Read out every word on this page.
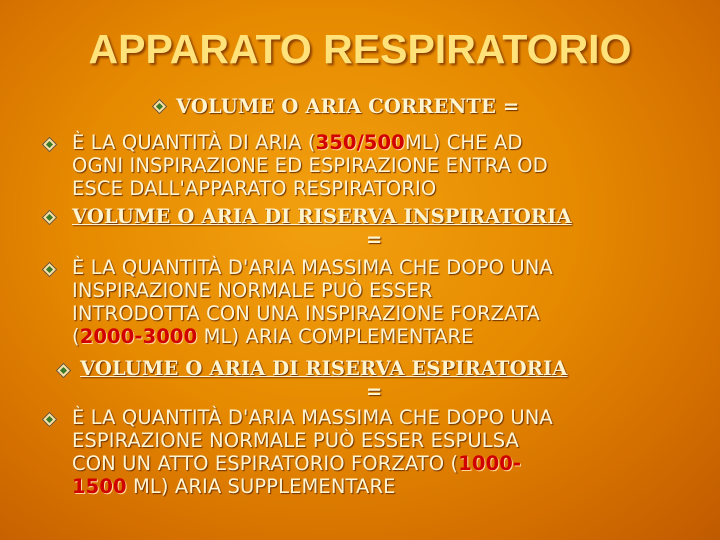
APPARATO RESPIRATORIO
VOLUME O ARIA CORRENTE =
È LA QUANTITÀ DI ARIA (350/500ML) CHE AD
OGNI INSPIRAZIONE ED ESPIRAZIONE ENTRA OD
ESCE DALL'APPARATO RESPIRATORIO
VOLUME O ARIA DI RISERVA INSPIRATORIA
=
È LA QUANTITÀ D'ARIA MASSIMA CHE DOPO UNA
INSPIRAZIONE NORMALE PUÒ ESSER
INTRODOTTA CON UNA INSPIRAZIONE FORZATA
(2000-3000 ML) ARIA COMPLEMENTARE
VOLUME O ARIA DI RISERVA ESPIRATORIA
=
È LA QUANTITÀ D'ARIA MASSIMA CHE DOPO UNA
ESPIRAZIONE NORMALE PUÒ ESSER ESPULSA
CON UN ATTO ESPIRATORIO FORZATO (1000-
1500 ML) ARIA SUPPLEMENTARE
